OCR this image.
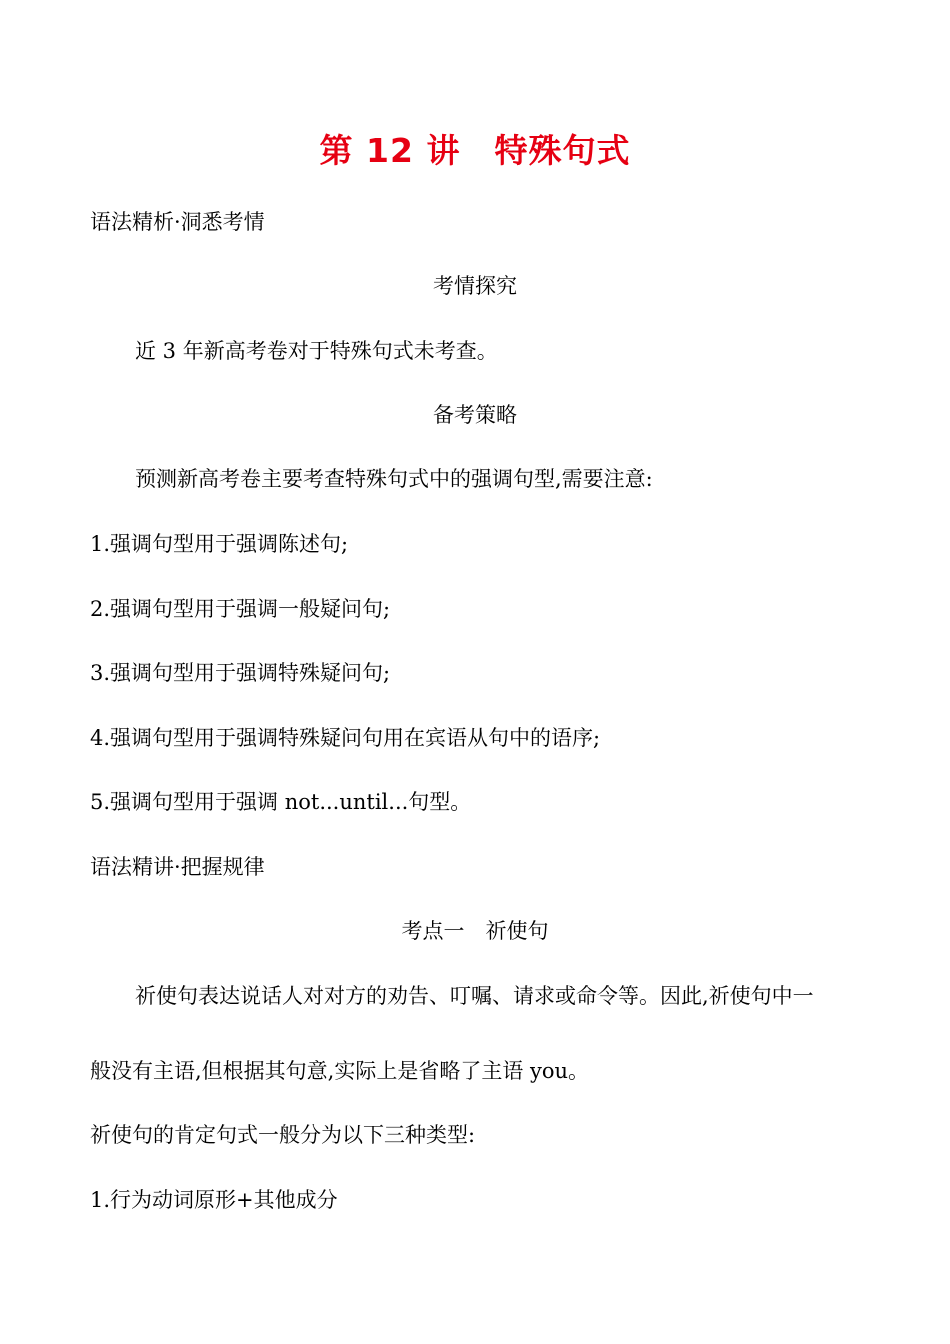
第 12 讲　特殊句式
语法精析·洞悉考情
考情探究
近 3 年新高考卷对于特殊句式未考查。
备考策略
预测新高考卷主要考查特殊句式中的强调句型,需要注意:
1.强调句型用于强调陈述句;
2.强调句型用于强调一般疑问句;
3.强调句型用于强调特殊疑问句;
4.强调句型用于强调特殊疑问句用在宾语从句中的语序;
5.强调句型用于强调 not...until...句型。
语法精讲·把握规律
考点一　祈使句
祈使句表达说话人对对方的劝告、叮嘱、请求或命令等。因此,祈使句中一
般没有主语,但根据其句意,实际上是省略了主语 you。
祈使句的肯定句式一般分为以下三种类型:
1.行为动词原形+其他成分
